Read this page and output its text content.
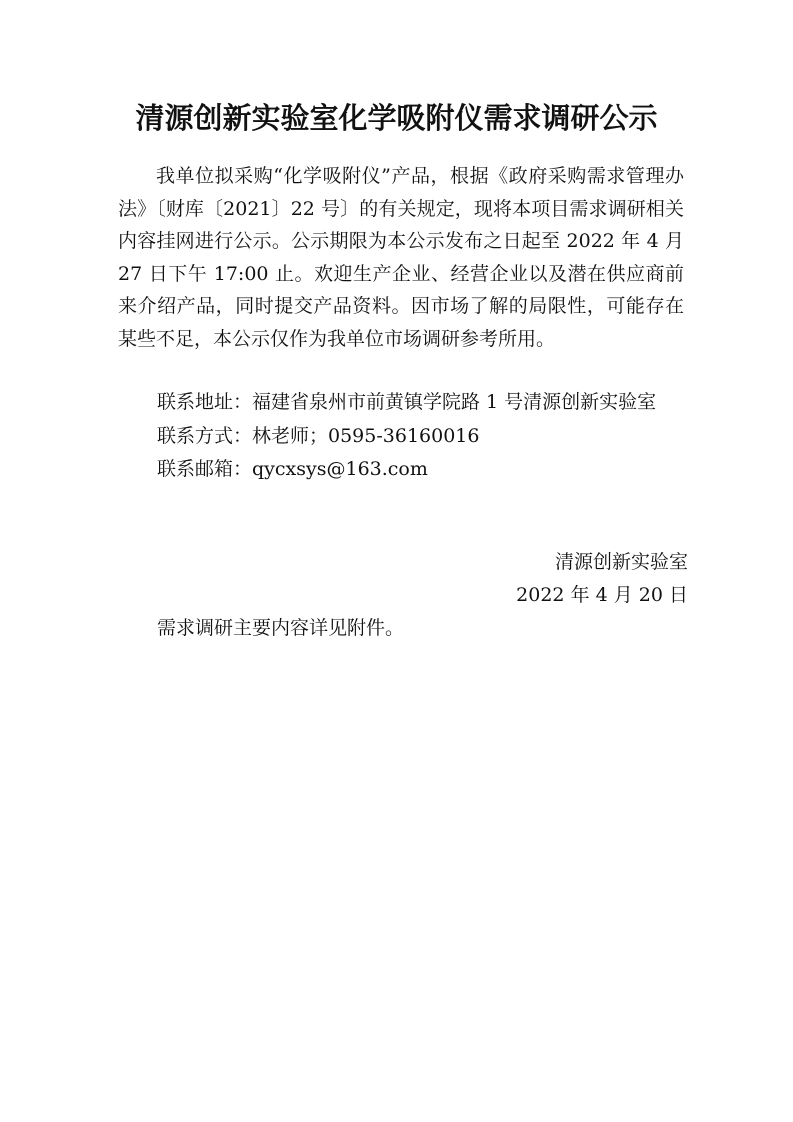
清源创新实验室化学吸附仪需求调研公示

我单位拟采购“化学吸附仪”产品，根据《政府采购需求管理办法》〔财库〔2021〕22 号〕的有关规定，现将本项目需求调研相关内容挂网进行公示。公示期限为本公示发布之日起至 2022 年 4 月 27 日下午 17:00 止。欢迎生产企业、经营企业以及潜在供应商前来介绍产品，同时提交产品资料。因市场了解的局限性，可能存在某些不足，本公示仅作为我单位市场调研参考所用。

联系地址：福建省泉州市前黄镇学院路 1 号清源创新实验室

联系方式：林老师；0595-36160016

联系邮箱：qycxsys@163.com

清源创新实验室

2022 年 4 月 20 日

需求调研主要内容详见附件。
